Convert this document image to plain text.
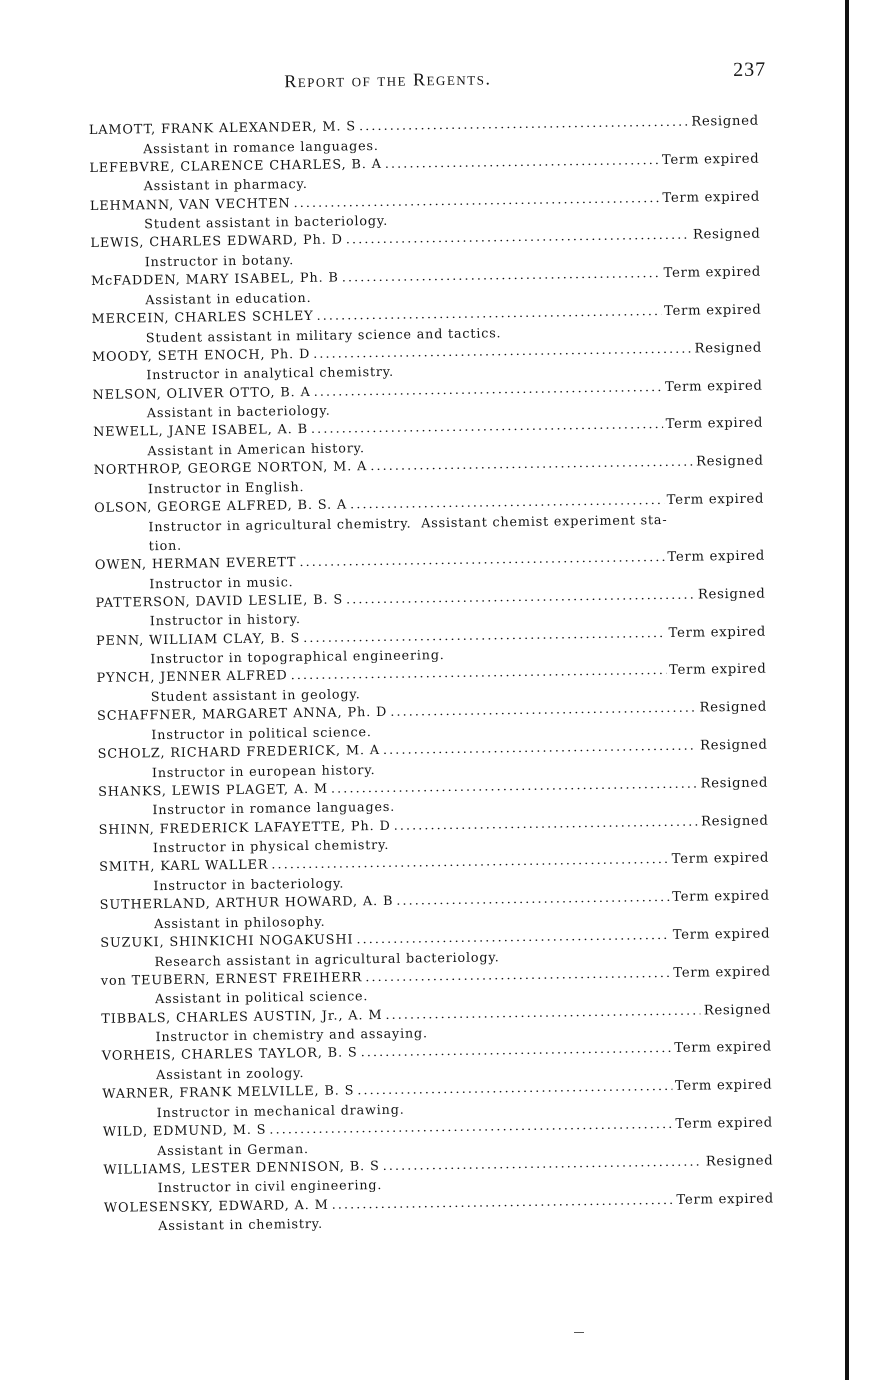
Report of the Regents.	237
LAMOTT, FRANK ALEXANDER, M. S . . .	Resigned
Assistant in romance languages.
LEFEBVRE, CLARENCE CHARLES, B. A . . .	Term expired
Assistant in pharmacy.
LEHMANN, VAN VECHTEN . . .	Term expired
Student assistant in bacteriology.
LEWIS, CHARLES EDWARD, Ph. D . . .	Resigned
Instructor in botany.
McFADDEN, MARY ISABEL, Ph. B . . .	Term expired
Assistant in education.
MERCEIN, CHARLES SCHLEY . . .	Term expired
Student assistant in military science and tactics.
MOODY, SETH ENOCH, Ph. D . . .	Resigned
Instructor in analytical chemistry.
NELSON, OLIVER OTTO, B. A . . .	Term expired
Assistant in bacteriology.
NEWELL, JANE ISABEL, A. B . . .	Term expired
Assistant in American history.
NORTHROP, GEORGE NORTON, M. A . . .	Resigned
Instructor in English.
OLSON, GEORGE ALFRED, B. S. A . . .	Term expired
Instructor in agricultural chemistry.  Assistant chemist experiment sta-
tion.
OWEN, HERMAN EVERETT . . .	Term expired
Instructor in music.
PATTERSON, DAVID LESLIE, B. S . . .	Resigned
Instructor in history.
PENN, WILLIAM CLAY, B. S . . .	Term expired
Instructor in topographical engineering.
PYNCH, JENNER ALFRED . . .	Term expired
Student assistant in geology.
SCHAFFNER, MARGARET ANNA, Ph. D . . .	Resigned
Instructor in political science.
SCHOLZ, RICHARD FREDERICK, M. A . . .	Resigned
Instructor in european history.
SHANKS, LEWIS PLAGET, A. M . . .	Resigned
Instructor in romance languages.
SHINN, FREDERICK LAFAYETTE, Ph. D . . .	Resigned
Instructor in physical chemistry.
SMITH, KARL WALLER . . .	Term expired
Instructor in bacteriology.
SUTHERLAND, ARTHUR HOWARD, A. B . . .	Term expired
Assistant in philosophy.
SUZUKI, SHINKICHI NOGAKUSHI . . .	Term expired
Research assistant in agricultural bacteriology.
von TEUBERN, ERNEST FREIHERR . . .	Term expired
Assistant in political science.
TIBBALS, CHARLES AUSTIN, Jr., A. M . . .	Resigned
Instructor in chemistry and assaying.
VORHEIS, CHARLES TAYLOR, B. S . . .	Term expired
Assistant in zoology.
WARNER, FRANK MELVILLE, B. S . . .	Term expired
Instructor in mechanical drawing.
WILD, EDMUND, M. S . . .	Term expired
Assistant in German.
WILLIAMS, LESTER DENNISON, B. S . . .	Resigned
Instructor in civil engineering.
WOLESENSKY, EDWARD, A. M . . .	Term expired
Assistant in chemistry.
